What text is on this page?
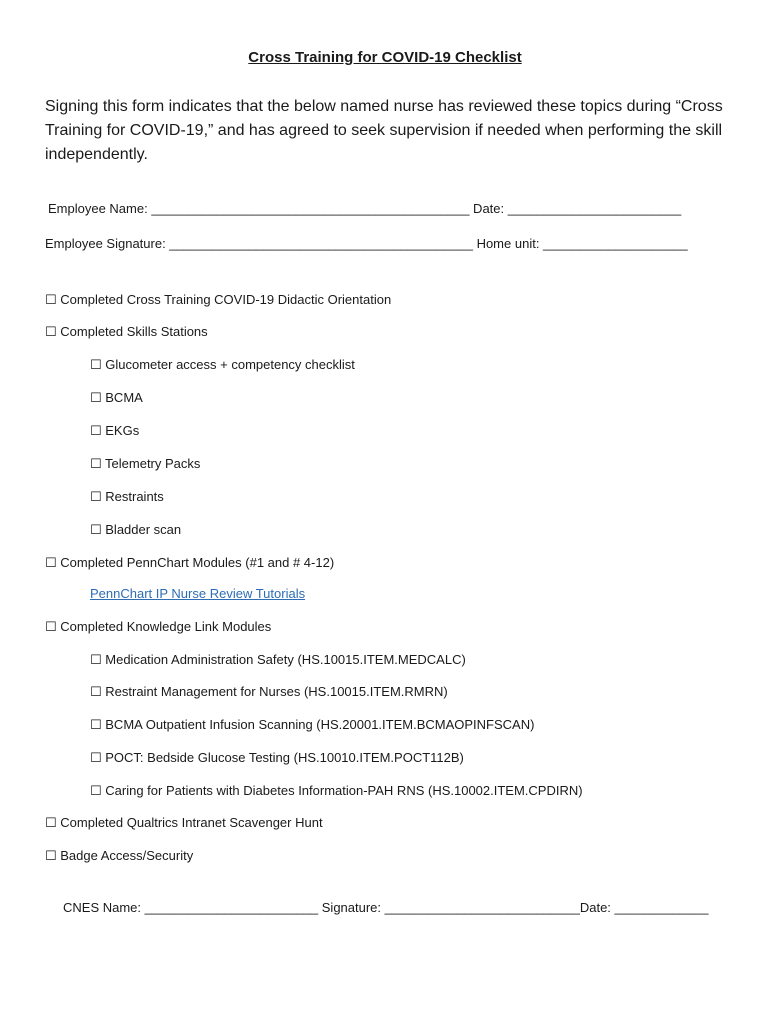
Cross Training for COVID-19 Checklist
Signing this form indicates that the below named nurse has reviewed these topics during “Cross Training for COVID-19,” and has agreed to seek supervision if needed when performing the skill independently.
Employee Name: ____________________________________________ Date: ________________________
Employee Signature: __________________________________________ Home unit: ____________________
☐ Completed Cross Training COVID-19 Didactic Orientation
☐ Completed Skills Stations
☐ Glucometer access + competency checklist
☐ BCMA
☐ EKGs
☐ Telemetry Packs
☐ Restraints
☐ Bladder scan
☐ Completed PennChart Modules (#1 and # 4-12)
PennChart IP Nurse Review Tutorials
☐ Completed Knowledge Link Modules
☐ Medication Administration Safety (HS.10015.ITEM.MEDCALC)
☐ Restraint Management for Nurses (HS.10015.ITEM.RMRN)
☐ BCMA Outpatient Infusion Scanning (HS.20001.ITEM.BCMAOPINFSCAN)
☐ POCT: Bedside Glucose Testing (HS.10010.ITEM.POCT112B)
☐ Caring for Patients with Diabetes Information-PAH RNS (HS.10002.ITEM.CPDIRN)
☐ Completed Qualtrics Intranet Scavenger Hunt
☐ Badge Access/Security
CNES Name: ________________________ Signature: ___________________________Date: _____________
